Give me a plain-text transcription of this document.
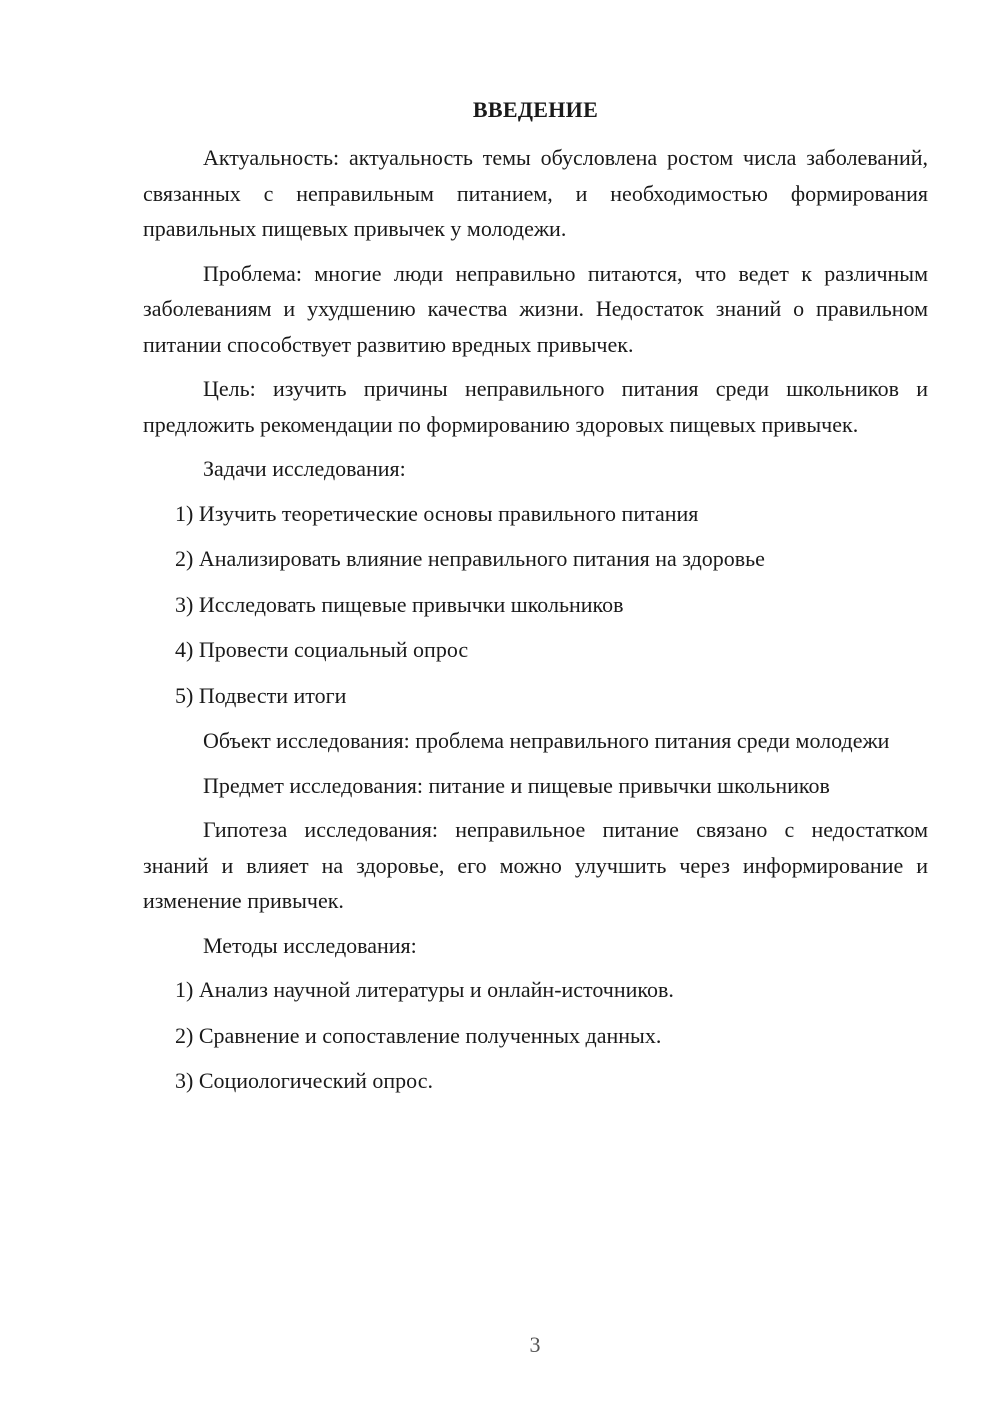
ВВЕДЕНИЕ

Актуальность: актуальность темы обусловлена ростом числа заболеваний, связанных с неправильным питанием, и необходимостью формирования правильных пищевых привычек у молодежи.

Проблема: многие люди неправильно питаются, что ведет к различным заболеваниям и ухудшению качества жизни. Недостаток знаний о правильном питании способствует развитию вредных привычек.

Цель: изучить причины неправильного питания среди школьников и предложить рекомендации по формированию здоровых пищевых привычек.

Задачи исследования:

1) Изучить теоретические основы правильного питания
2) Анализировать влияние неправильного питания на здоровье
3) Исследовать пищевые привычки школьников
4) Провести социальный опрос
5) Подвести итоги

Объект исследования: проблема неправильного питания среди молодежи

Предмет исследования: питание и пищевые привычки школьников

Гипотеза исследования: неправильное питание связано с недостатком знаний и влияет на здоровье, его можно улучшить через информирование и изменение привычек.

Методы исследования:

1) Анализ научной литературы и онлайн-источников.
2) Сравнение и сопоставление полученных данных.
3) Социологический опрос.
3
